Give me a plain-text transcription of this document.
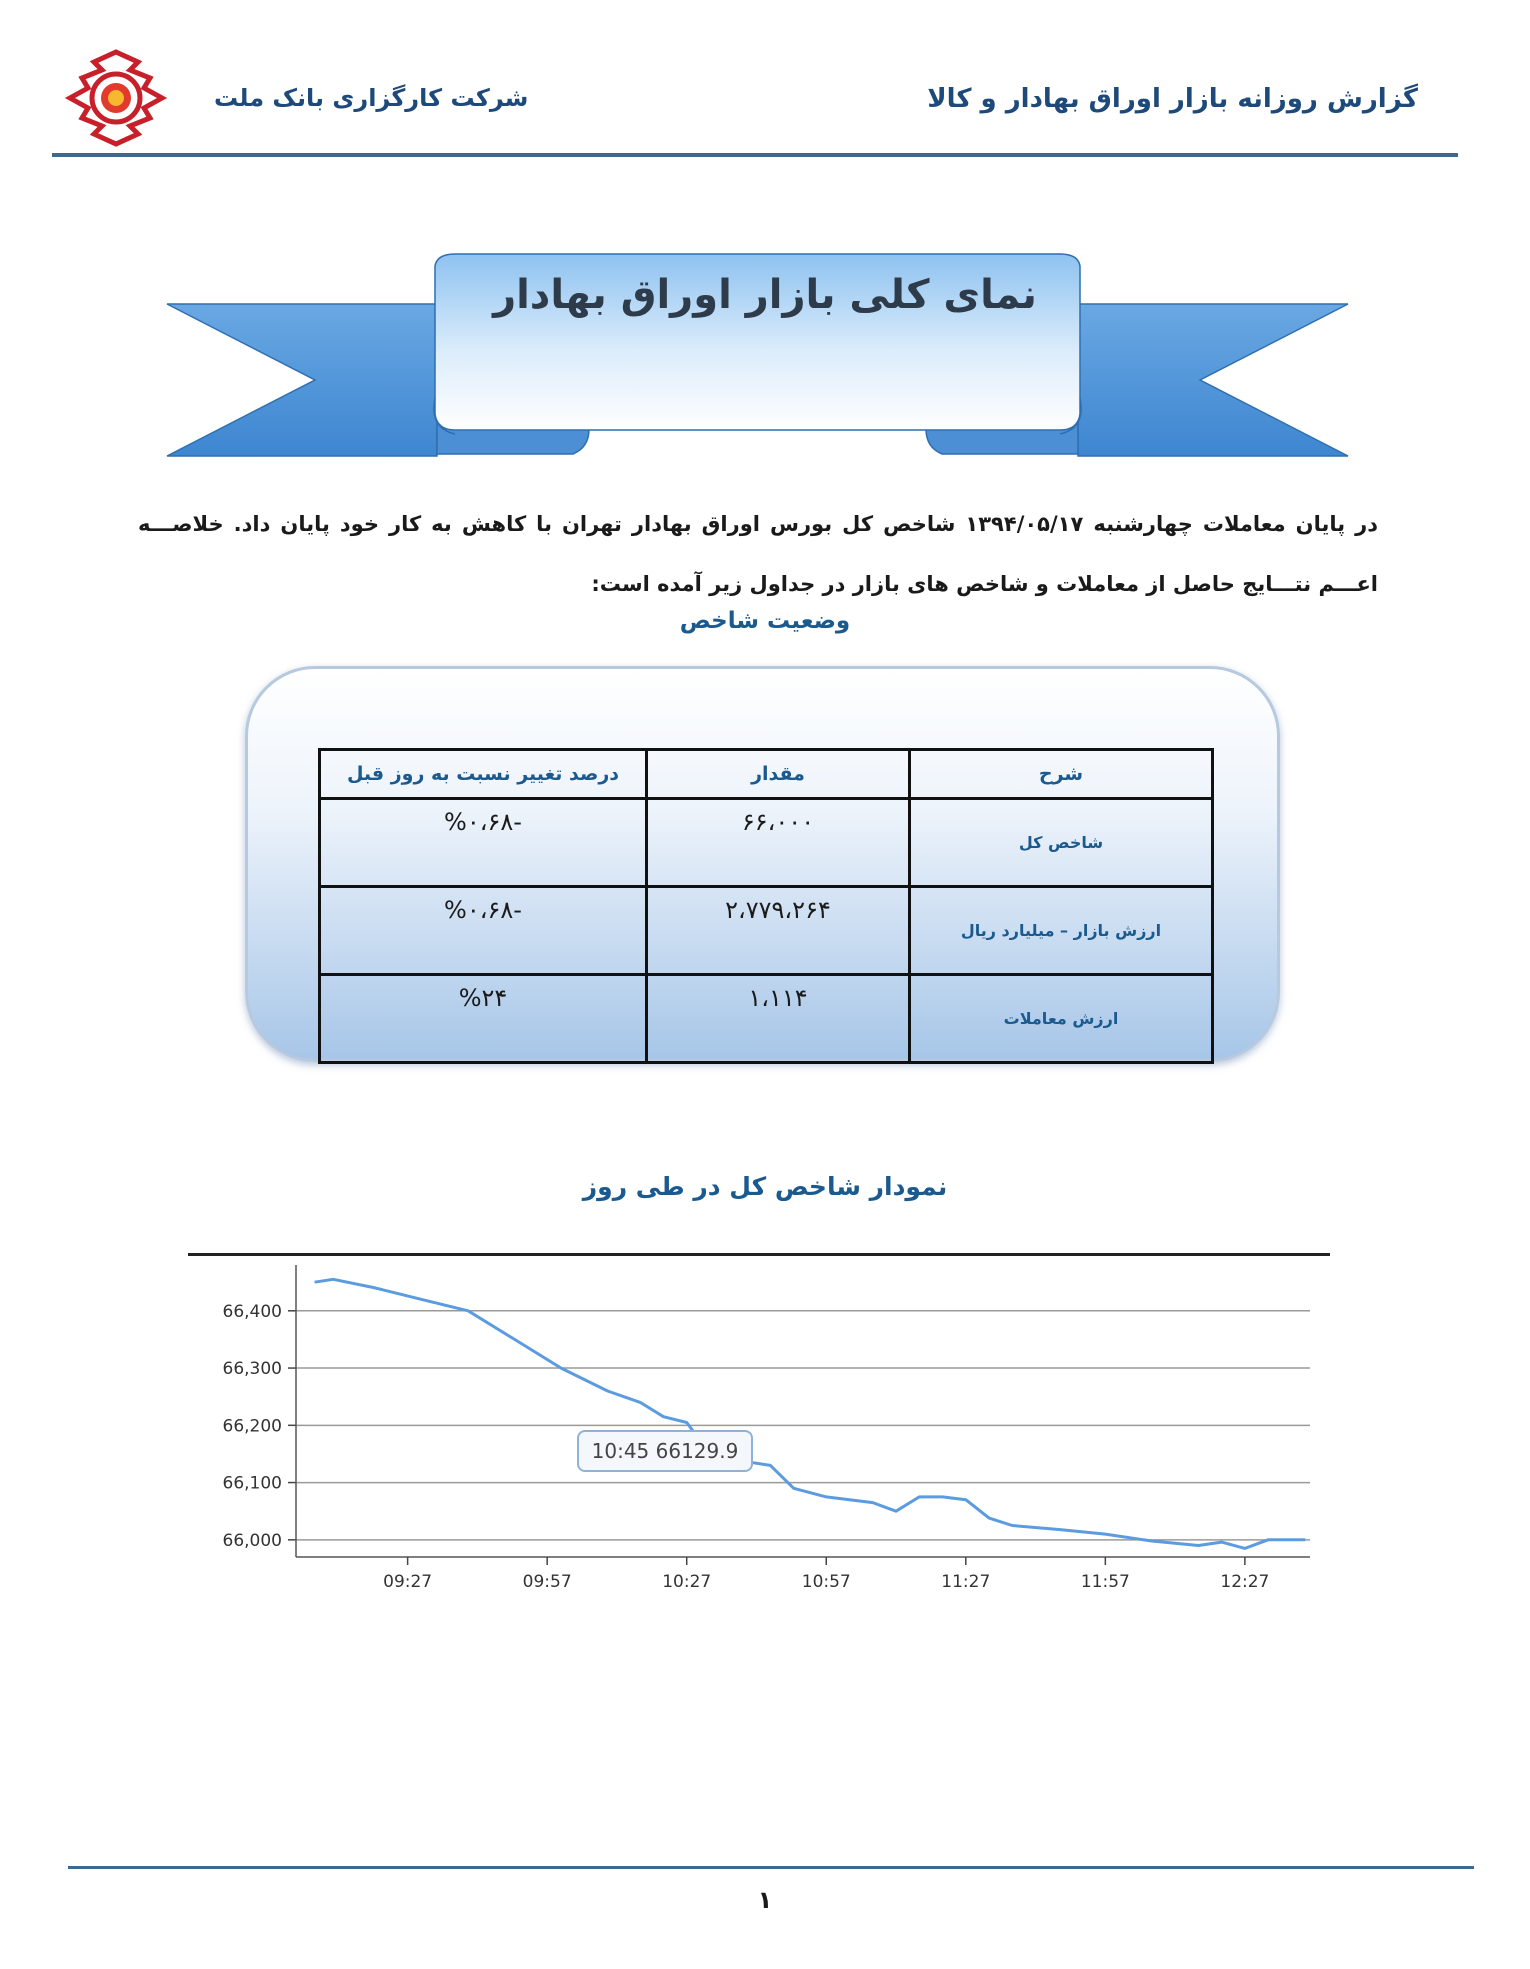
شرکت کارگزاری بانک ملت	گزارش روزانه بازار اوراق بهادار و کالا
نمای کلی بازار اوراق بهادار
در پایان معاملات چهارشنبه ۱۳۹۴/۰۵/۱۷ شاخص کل بورس اوراق بهادار تهران با کاهش به کار خود پایان داد. خلاصـــه اعـــم نتـــایج حاصل از معاملات و شاخص های بازار در جداول زیر آمده است:
وضعیت شاخص
شرح	مقدار	درصد تغییر نسبت به روز قبل
شاخص کل	۶۶،۰۰۰	-%۰،۶۸
ارزش بازار – میلیارد ریال	۲،۷۷۹،۲۶۴	-%۰،۶۸
ارزش معاملات	۱،۱۱۴	%۲۴
نمودار شاخص کل در طی روز
66,000
66,100
66,200
66,300
66,400
09:27	09:57	10:27	10:57	11:27	11:57	12:27
10:45 66129.9
١
